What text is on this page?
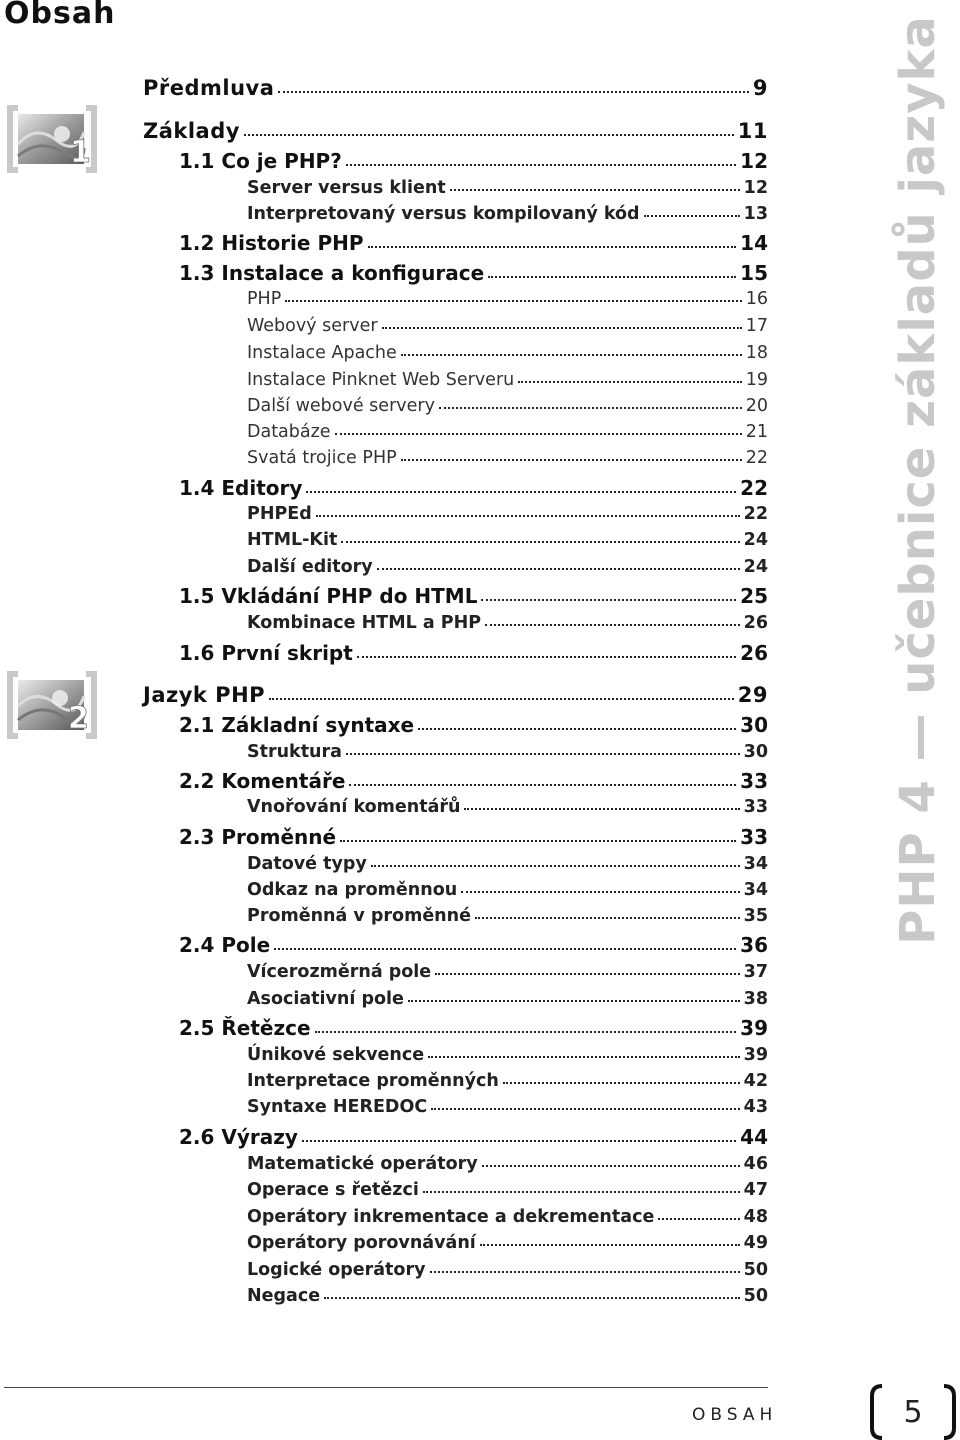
Obsah
1
2
Předmluva	9
Základy	11
1.1 Co je PHP?	12
Server versus klient	12
Interpretovaný versus kompilovaný kód	13
1.2 Historie PHP	14
1.3 Instalace a konfigurace	15
PHP	16
Webový server	17
Instalace Apache	18
Instalace Pinknet Web Serveru	19
Další webové servery	20
Databáze	21
Svatá trojice PHP	22
1.4 Editory	22
PHPEd	22
HTML-Kit	24
Další editory	24
1.5 Vkládání PHP do HTML	25
Kombinace HTML a PHP	26
1.6 První skript	26
Jazyk PHP	29
2.1 Základní syntaxe	30
Struktura	30
2.2 Komentáře	33
Vnořování komentářů	33
2.3 Proměnné	33
Datové typy	34
Odkaz na proměnnou	34
Proměnná v proměnné	35
2.4 Pole	36
Vícerozměrná pole	37
Asociativní pole	38
2.5 Řetězce	39
Únikové sekvence	39
Interpretace proměnných	42
Syntaxe HEREDOC	43
2.6 Výrazy	44
Matematické operátory	46
Operace s řetězci	47
Operátory inkrementace a dekrementace	48
Operátory porovnávání	49
Logické operátory	50
Negace	50
PHP 4 — učebnice základů jazyka
OBSAH	5
